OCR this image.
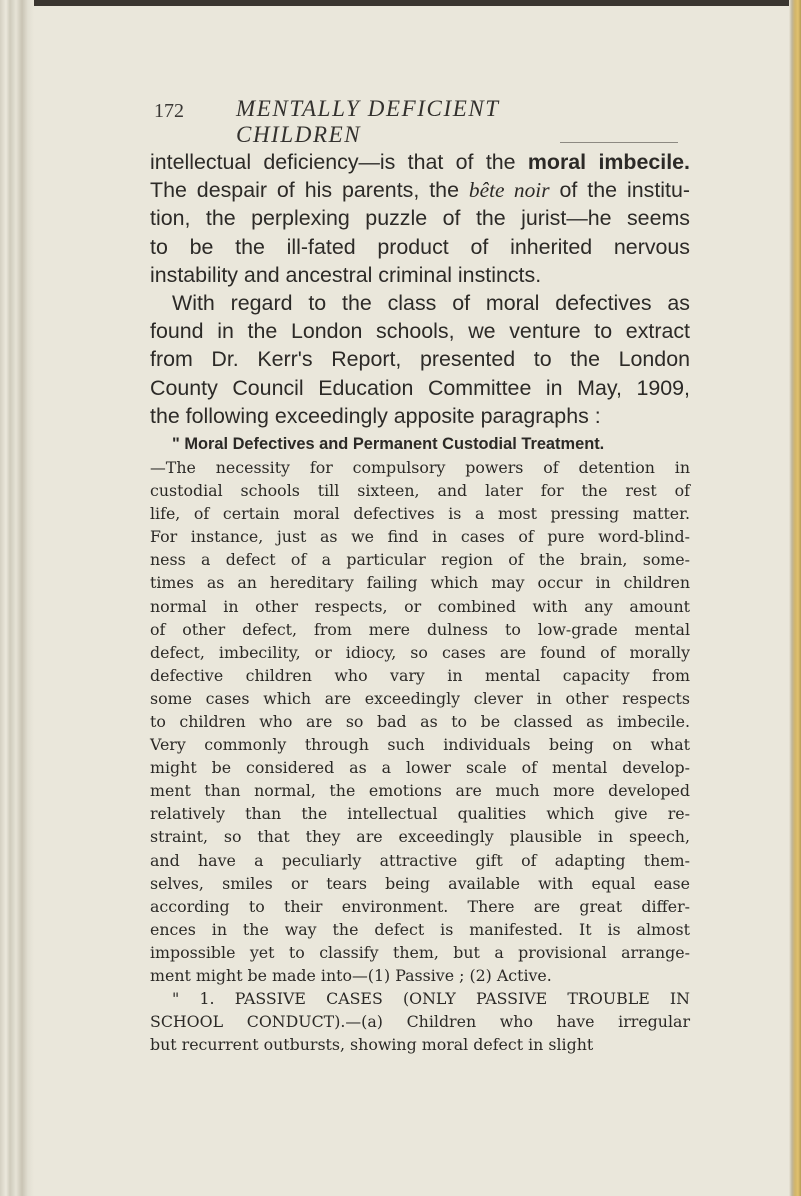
172 MENTALLY DEFICIENT CHILDREN
intellectual deficiency—is that of the moral imbecile.
The despair of his parents, the bête noir of the institu-
tion, the perplexing puzzle of the jurist—he seems
to be the ill-fated product of inherited nervous
instability and ancestral criminal instincts.
With regard to the class of moral defectives as
found in the London schools, we venture to extract
from Dr. Kerr's Report, presented to the London
County Council Education Committee in May, 1909,
the following exceedingly apposite paragraphs :
" Moral Defectives and Permanent Custodial Treatment.
—The necessity for compulsory powers of detention in
custodial schools till sixteen, and later for the rest of
life, of certain moral defectives is a most pressing matter.
For instance, just as we find in cases of pure word-blind-
ness a defect of a particular region of the brain, some-
times as an hereditary failing which may occur in children
normal in other respects, or combined with any amount
of other defect, from mere dulness to low-grade mental
defect, imbecility, or idiocy, so cases are found of morally
defective children who vary in mental capacity from
some cases which are exceedingly clever in other respects
to children who are so bad as to be classed as imbecile.
Very commonly through such individuals being on what
might be considered as a lower scale of mental develop-
ment than normal, the emotions are much more developed
relatively than the intellectual qualities which give re-
straint, so that they are exceedingly plausible in speech,
and have a peculiarly attractive gift of adapting them-
selves, smiles or tears being available with equal ease
according to their environment. There are great differ-
ences in the way the defect is manifested. It is almost
impossible yet to classify them, but a provisional arrange-
ment might be made into—(1) Passive ; (2) Active.
" 1. PASSIVE CASES (ONLY PASSIVE TROUBLE IN
SCHOOL CONDUCT).—(a) Children who have irregular
but recurrent outbursts, showing moral defect in slight
